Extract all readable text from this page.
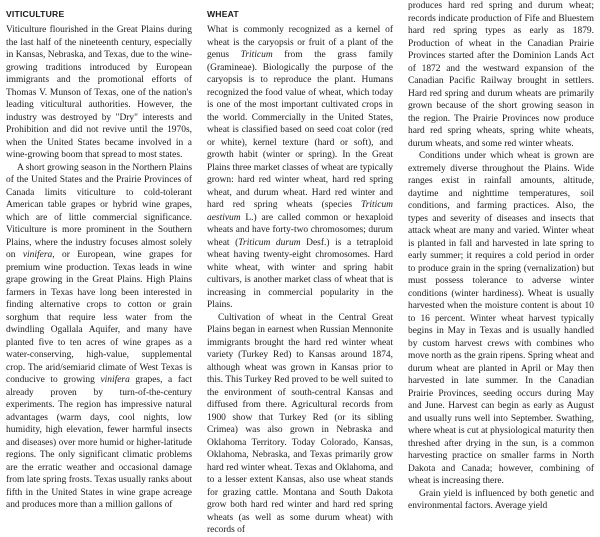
VITICULTURE

Viticulture flourished in the Great Plains during the last half of the nineteenth century, especially in Kansas, Nebraska, and Texas, due to the wine-growing traditions introduced by European immigrants and the promotional efforts of Thomas V. Munson of Texas, one of the nation's leading viticultural authorities. However, the industry was destroyed by "Dry" interests and Prohibition and did not revive until the 1970s, when the United States became involved in a wine-growing boom that spread to most states.

A short growing season in the Northern Plains of the United States and the Prairie Provinces of Canada limits viticulture to cold-tolerant American table grapes or hybrid wine grapes, which are of little commercial significance. Viticulture is more prominent in the Southern Plains, where the industry focuses almost solely on vinifera, or European, wine grapes for premium wine production. Texas leads in wine grape growing in the Great Plains. High Plains farmers in Texas have long been interested in finding alternative crops to cotton or grain sorghum that require less water from the dwindling Ogallala Aquifer, and many have planted five to ten acres of wine grapes as a water-conserving, high-value, supplemental crop. The arid/semiarid climate of West Texas is conducive to growing vinifera grapes, a fact already proven by turn-of-the-century experiments. The region has impressive natural advantages (warm days, cool nights, low humidity, high elevation, fewer harmful insects and diseases) over more humid or higher-latitude regions. The only significant climatic problems are the erratic weather and occasional damage from late spring frosts. Texas usually ranks about fifth in the United States in wine grape acreage and produces more than a million gallons of

WHEAT

What is commonly recognized as a kernel of wheat is the caryopsis or fruit of a plant of the genus Triticum from the grass family (Gramineae). Biologically the purpose of the caryopsis is to reproduce the plant. Humans recognized the food value of wheat, which today is one of the most important cultivated crops in the world. Commercially in the United States, wheat is classified based on seed coat color (red or white), kernel texture (hard or soft), and growth habit (winter or spring). In the Great Plains three market classes of wheat are typically grown: hard red winter wheat, hard red spring wheat, and durum wheat. Hard red winter and hard red spring wheats (species Triticum aestivum L.) are called common or hexaploid wheats and have forty-two chromosomes; durum wheat (Triticum durum Desf.) is a tetraploid wheat having twenty-eight chromosomes. Hard white wheat, with winter and spring habit cultivars, is another market class of wheat that is increasing in commercial popularity in the Plains.

Cultivation of wheat in the Central Great Plains began in earnest when Russian Mennonite immigrants brought the hard red winter wheat variety (Turkey Red) to Kansas around 1874, although wheat was grown in Kansas prior to this. This Turkey Red proved to be well suited to the environment of south-central Kansas and diffused from there. Agricultural records from 1900 show that Turkey Red (or its sibling Crimea) was also grown in Nebraska and Oklahoma Territory. Today Colorado, Kansas, Oklahoma, Nebraska, and Texas primarily grow hard red winter wheat. Texas and Oklahoma, and to a lesser extent Kansas, also use wheat stands for grazing cattle. Montana and South Dakota grow both hard red winter and hard red spring wheats (as well as some durum wheat) with records of

produces hard red spring and durum wheat; records indicate production of Fife and Bluestem hard red spring types as early as 1879. Production of wheat in the Canadian Prairie Provinces started after the Dominion Lands Act of 1872 and the westward expansion of the Canadian Pacific Railway brought in settlers. Hard red spring and durum wheats are primarily grown because of the short growing season in the region. The Prairie Provinces now produce hard red spring wheats, spring white wheats, durum wheats, and some red winter wheats.

Conditions under which wheat is grown are extremely diverse throughout the Plains. Wide ranges exist in rainfall amounts, altitude, daytime and nighttime temperatures, soil conditions, and farming practices. Also, the types and severity of diseases and insects that attack wheat are many and varied. Winter wheat is planted in fall and harvested in late spring to early summer; it requires a cold period in order to produce grain in the spring (vernalization) but must possess tolerance to adverse winter conditions (winter hardiness). Wheat is usually harvested when the moisture content is about 10 to 16 percent. Winter wheat harvest typically begins in May in Texas and is usually handled by custom harvest crews with combines who move north as the grain ripens. Spring wheat and durum wheat are planted in April or May then harvested in late summer. In the Canadian Prairie Provinces, seeding occurs during May and June. Harvest can begin as early as August and usually runs well into September. Swathing, where wheat is cut at physiological maturity then threshed after drying in the sun, is a common harvesting practice on smaller farms in North Dakota and Canada; however, combining of wheat is increasing there.

Grain yield is influenced by both genetic and environmental factors. Average yield
